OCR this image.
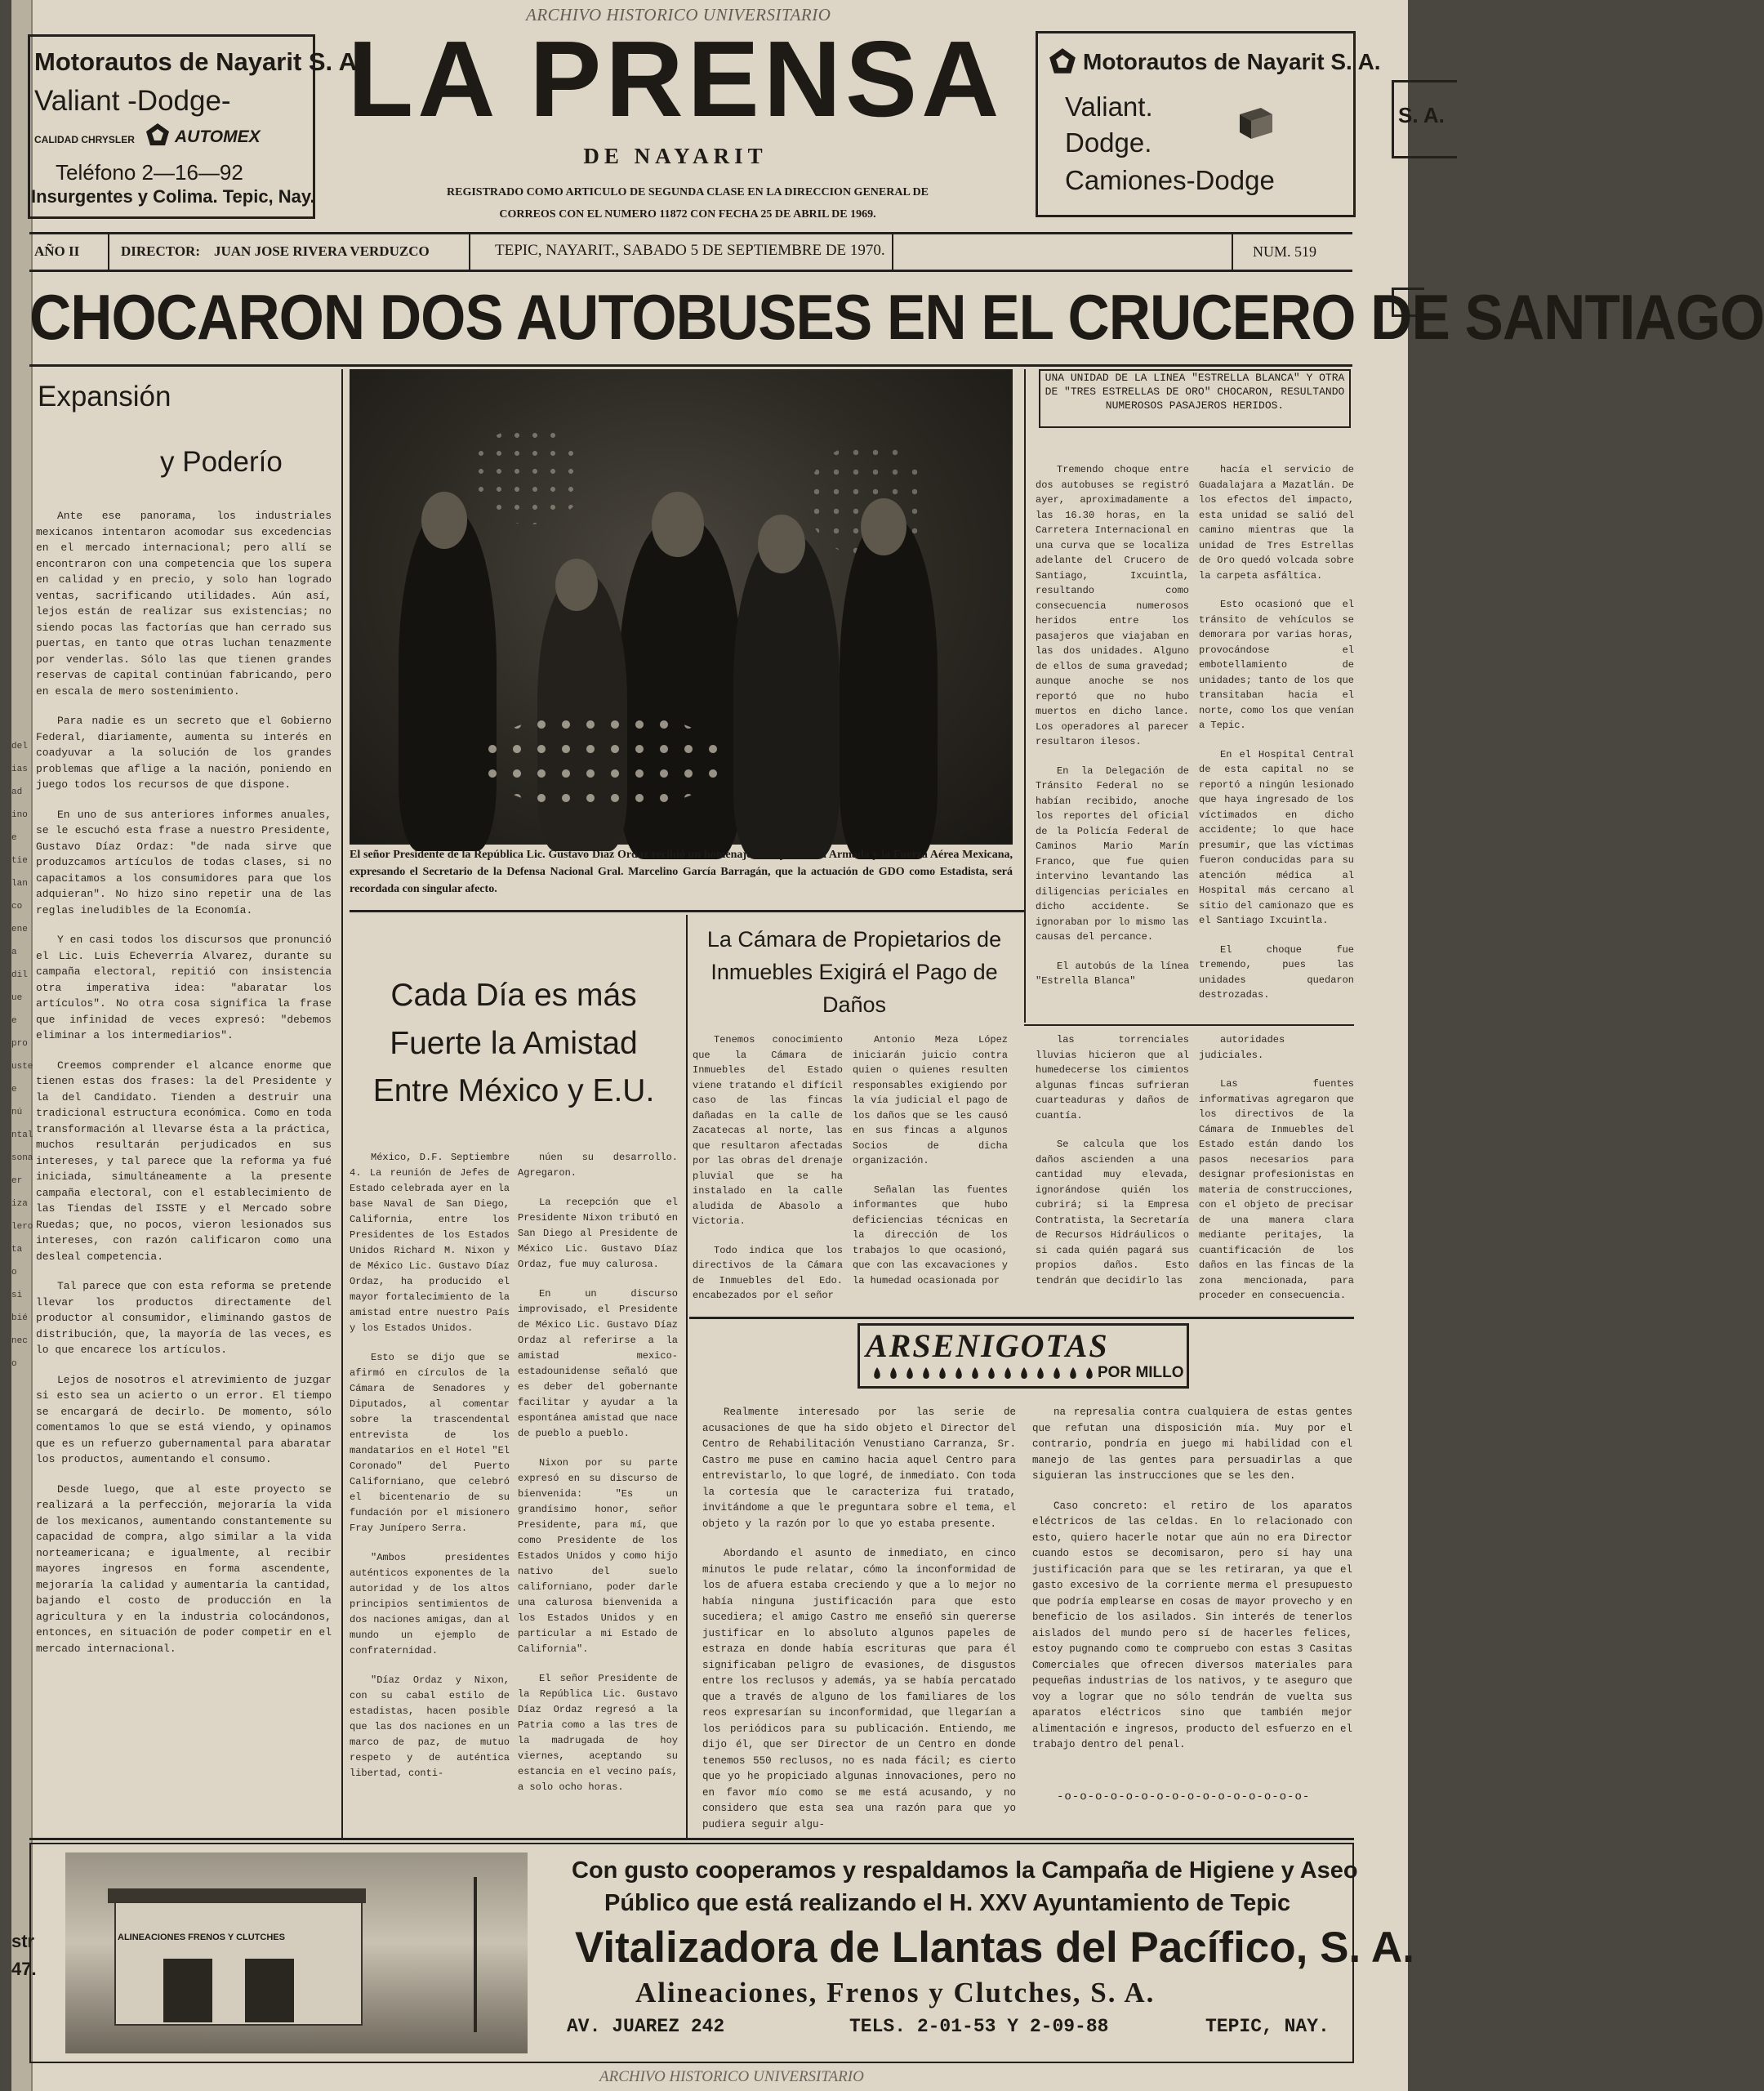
ARCHIVO HISTORICO UNIVERSITARIO
del
ias
ad
ino
e
tie
lan
co
ene
a
dil
ue
e
pro
uste
e
nú
ntal
sona
er
iza
lero
ta
o si
bié
nec
o
str
47.
Motorautos de Nayarit S. A.
Valiant -Dodge-
CALIDAD CHRYSLER AUTOMEX
Teléfono 2—16—92
Insurgentes y Colima. Tepic, Nay.
LA PRENSA
DE NAYARIT
REGISTRADO COMO ARTICULO DE SEGUNDA CLASE EN LA DIRECCION GENERAL DE
CORREOS CON EL NUMERO 11872 CON FECHA 25 DE ABRIL DE 1969.
Motorautos de Nayarit S. A.
Valiant.
Dodge.
Camiones-Dodge
S. A.
AÑO II	DIRECTOR: JUAN JOSE RIVERA VERDUZCO	TEPIC, NAYARIT., SABADO 5 DE SEPTIEMBRE DE 1970.	NUM. 519
CHOCARON DOS AUTOBUSES EN EL CRUCERO DE SANTIAGO
Expansión
y Poderío

Ante ese panorama, los industriales mexicanos intentaron acomodar sus excedencias en el mercado internacional; pero allí se encontraron con una competencia que los supera en calidad y en precio, y solo han logrado ventas, sacrificando utilidades. Aún así, lejos están de realizar sus existencias; no siendo pocas las factorías que han cerrado sus puertas, en tanto que otras luchan tenazmente por venderlas. Sólo las que tienen grandes reservas de capital continúan fabricando, pero en escala de mero sostenimiento.

Para nadie es un secreto que el Gobierno Federal, diariamente, aumenta su interés en coadyuvar a la solución de los grandes problemas que aflige a la nación, poniendo en juego todos los recursos de que dispone.

En uno de sus anteriores informes anuales, se le escuchó esta frase a nuestro Presidente, Gustavo Díaz Ordaz: "de nada sirve que produzcamos artículos de todas clases, si no capacitamos a los consumidores para que los adquieran". No hizo sino repetir una de las reglas ineludibles de la Economía.

Y en casi todos los discursos que pronunció el Lic. Luis Echeverría Alvarez, durante su campaña electoral, repitió con insistencia otra imperativa idea: "abaratar los artículos". No otra cosa significa la frase que infinidad de veces expresó: "debemos eliminar a los intermediarios".

Creemos comprender el alcance enorme que tienen estas dos frases: la del Presidente y la del Candidato. Tienden a destruir una tradicional estructura económica. Como en toda transformación al llevarse ésta a la práctica, muchos resultarán perjudicados en sus intereses, y tal parece que la reforma ya fué iniciada, simultáneamente a la presente campaña electoral, con el establecimiento de las Tiendas del ISSTE y el Mercado sobre Ruedas; que, no pocos, vieron lesionados sus intereses, con razón calificaron como una desleal competencia.

Tal parece que con esta reforma se pretende llevar los productos directamente del productor al consumidor, eliminando gastos de distribución, que, la mayoría de las veces, es lo que encarece los artículos.

Lejos de nosotros el atrevimiento de juzgar si esto sea un acierto o un error. El tiempo se encargará de decirlo. De momento, sólo comentamos lo que se está viendo, y opinamos que es un refuerzo gubernamental para abaratar los productos, aumentando el consumo.

Desde luego, que al este proyecto se realizará a la perfección, mejoraría la vida de los mexicanos, aumentando constantemente su capacidad de compra, algo similar a la vida norteamericana; e igualmente, al recibir mayores ingresos en forma ascendente, mejoraría la calidad y aumentaría la cantidad, bajando el costo de producción en la agricultura y en la industria colocándonos, entonces, en situación de poder competir en el mercado internacional.

El señor Presidente de la República Lic. Gustavo Díaz Ordaz recibió un homenaje del Ejército, la Armada y la Fuerza Aérea Mexicana, expresando el Secretario de la Defensa Nacional Gral. Marcelino García Barragán, que la actuación de GDO como Estadista, será recordada con singular afecto.
UNA UNIDAD DE LA LINEA "ESTRELLA BLANCA" Y OTRA DE "TRES ESTRELLAS DE ORO" CHOCARON, RESULTANDO NUMEROSOS PASAJEROS HERIDOS.

Tremendo choque entre dos autobuses se registró ayer, aproximadamente a las 16.30 horas, en la Carretera Internacional en una curva que se localiza adelante del Crucero de Santiago, Ixcuintla, resultando como consecuencia numerosos heridos entre los pasajeros que viajaban en las dos unidades. Alguno de ellos de suma gravedad; aunque anoche se nos reportó que no hubo muertos en dicho lance. Los operadores al parecer resultaron ilesos.

En la Delegación de Tránsito Federal no se habían recibido, anoche los reportes del oficial de la Policía Federal de Caminos Mario Marín Franco, que fue quien intervino levantando las diligencias periciales en dicho accidente. Se ignoraban por lo mismo las causas del percance.

El autobús de la línea "Estrella Blanca"

hacía el servicio de Guadalajara a Mazatlán. De los efectos del impacto, esta unidad se salió del camino mientras que la unidad de Tres Estrellas de Oro quedó volcada sobre la carpeta asfáltica.

Esto ocasionó que el tránsito de vehículos se demorara por varias horas, provocándose el embotellamiento de unidades; tanto de los que transitaban hacia el norte, como los que venían a Tepic.

En el Hospital Central de esta capital no se reportó a ningún lesionado que haya ingresado de los víctimados en dicho accidente; lo que hace presumir, que las víctimas fueron conducidas para su atención médica al Hospital más cercano al sitio del camionazo que es el Santiago Ixcuintla.

El choque fue tremendo, pues las unidades quedaron destrozadas.

Cada Día es más
Fuerte la Amistad
Entre México y E.U.

México, D.F. Septiembre 4. La reunión de Jefes de Estado celebrada ayer en la base Naval de San Diego, California, entre los Presidentes de los Estados Unidos Richard M. Nixon y de México Lic. Gustavo Díaz Ordaz, ha producido el mayor fortalecimiento de la amistad entre nuestro País y los Estados Unidos.

Esto se dijo que se afirmó en círculos de la Cámara de Senadores y Diputados, al comentar sobre la trascendental entrevista de los mandatarios en el Hotel "El Coronado" del Puerto Californiano, que celebró el bicentenario de su fundación por el misionero Fray Junípero Serra.

"Ambos presidentes auténticos exponentes de la autoridad y de los altos principios sentimientos de dos naciones amigas, dan al mundo un ejemplo de confraternidad.

"Díaz Ordaz y Nixon, con su cabal estilo de estadistas, hacen posible que las dos naciones en un marco de paz, de mutuo respeto y de auténtica libertad, conti-

núen su desarrollo. Agregaron.

La recepción que el Presidente Nixon tributó en San Diego al Presidente de México Lic. Gustavo Díaz Ordaz, fue muy calurosa.

En un discurso improvisado, el Presidente de México Lic. Gustavo Díaz Ordaz al referirse a la amistad mexico-estadounidense señaló que es deber del gobernante facilitar y ayudar a la espontánea amistad que nace de pueblo a pueblo.

Nixon por su parte expresó en su discurso de bienvenida: "Es un grandísimo honor, señor Presidente, para mí, que como Presidente de los Estados Unidos y como hijo nativo del suelo californiano, poder darle una calurosa bienvenida a los Estados Unidos y en particular a mi Estado de California".

El señor Presidente de la República Lic. Gustavo Díaz Ordaz regresó a la Patria como a las tres de la madrugada de hoy viernes, aceptando su estancia en el vecino país, a solo ocho horas.

La Cámara de Propietarios de
Inmuebles Exigirá el Pago de
Daños

Tenemos conocimiento que la Cámara de Inmuebles del Estado viene tratando el difícil caso de las fincas dañadas en la calle de Zacatecas al norte, las que resultaron afectadas por las obras del drenaje pluvial que se ha instalado en la calle aludida de Abasolo a Victoria.

Todo indica que los directivos de la Cámara de Inmuebles del Edo. encabezados por el señor

Antonio Meza López iniciarán juicio contra quien o quienes resulten responsables exigiendo por la vía judicial el pago de los daños que se les causó en sus fincas a algunos Socios de dicha organización.

Señalan las fuentes informantes que hubo deficiencias técnicas en la dirección de los trabajos lo que ocasionó, que con las excavaciones y la humedad ocasionada por

las torrenciales lluvias hicieron que al humedecerse los cimientos algunas fincas sufrieran cuarteaduras y daños de cuantía.

Se calcula que los daños ascienden a una cantidad muy elevada, ignorándose quién los cubrirá; si la Empresa Contratista, la Secretaría de Recursos Hidráulicos o si cada quién pagará sus propios daños. Esto tendrán que decidirlo las

autoridades judiciales.

Las fuentes informativas agregaron que los directivos de la Cámara de Inmuebles del Estado están dando los pasos necesarios para designar profesionistas en materia de construcciones, con el objeto de precisar de una manera clara mediante peritajes, la cuantificación de los daños en las fincas de la zona mencionada, para proceder en consecuencia.

ARSENIGOTAS
POR MILLO

Realmente interesado por las serie de acusaciones de que ha sido objeto el Director del Centro de Rehabilitación Venustiano Carranza, Sr. Castro me puse en camino hacia aquel Centro para entrevistarlo, lo que logré, de inmediato. Con toda la cortesía que le caracteriza fui tratado, invitándome a que le preguntara sobre el tema, el objeto y la razón por lo que yo estaba presente.

Abordando el asunto de inmediato, en cinco minutos le pude relatar, cómo la inconformidad de los de afuera estaba creciendo y que a lo mejor no había ninguna justificación para que esto sucediera; el amigo Castro me enseñó sin quererse justificar en lo absoluto algunos papeles de estraza en donde había escrituras que para él significaban peligro de evasiones, de disgustos entre los reclusos y además, ya se había percatado que a través de alguno de los familiares de los reos expresarían su inconformidad, que llegarían a los periódicos para su publicación. Entiendo, me dijo él, que ser Director de un Centro en donde tenemos 550 reclusos, no es nada fácil; es cierto que yo he propiciado algunas innovaciones, pero no en favor mío como se me está acusando, y no considero que esta sea una razón para que yo pudiera seguir algu-

na represalia contra cualquiera de estas gentes que refutan una disposición mía. Muy por el contrario, pondría en juego mi habilidad con el manejo de las gentes para persuadirlas a que siguieran las instrucciones que se les den.

Caso concreto: el retiro de los aparatos eléctricos de las celdas. En lo relacionado con esto, quiero hacerle notar que aún no era Director cuando estos se decomisaron, pero sí hay una justificación para que se les retiraran, ya que el gasto excesivo de la corriente merma el presupuesto que podría emplearse en cosas de mayor provecho y en beneficio de los asilados. Sin interés de tenerlos aislados del mundo pero sí de hacerles felices, estoy pugnando como te compruebo con estas 3 Casitas Comerciales que ofrecen diversos materiales para pequeñas industrias de los nativos, y te aseguro que voy a lograr que no sólo tendrán de vuelta sus aparatos eléctricos sino que también mejor alimentación e ingresos, producto del esfuerzo en el trabajo dentro del penal.

-o-o-o-o-o-o-o-o-o-o-o-o-o-o-o-o-
ALINEACIONES FRENOS Y CLUTCHES
Con gusto cooperamos y respaldamos la Campaña de Higiene y Aseo
Público que está realizando el H. XXV Ayuntamiento de Tepic
Vitalizadora de Llantas del Pacífico, S. A.
Alineaciones, Frenos y Clutches, S. A.
AV. JUAREZ 242	TELS. 2-01-53 Y 2-09-88	TEPIC, NAY.
ARCHIVO HISTORICO UNIVERSITARIO
